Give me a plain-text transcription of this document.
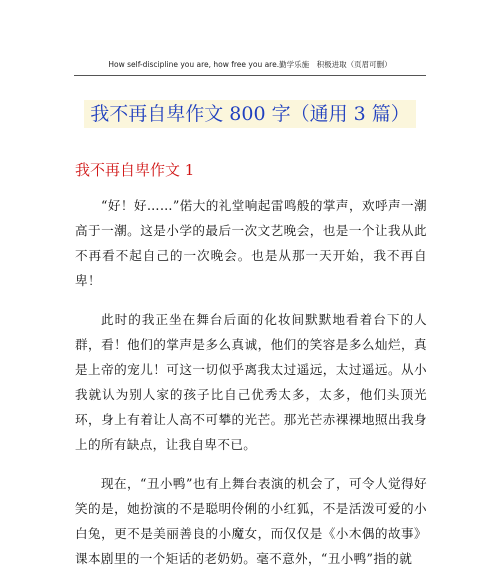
How self-discipline you are, how free you are.勤学乐施　积极进取（页眉可删）
我不再自卑作文 800 字（通用 3 篇）
我不再自卑作文 1

“好！好……”偌大的礼堂响起雷鸣般的掌声，欢呼声一潮高于一潮。这是小学的最后一次文艺晚会，也是一个让我从此不再看不起自己的一次晚会。也是从那一天开始，我不再自卑！

此时的我正坐在舞台后面的化妆间默默地看着台下的人群，看！他们的掌声是多么真诚，他们的笑容是多么灿烂，真是上帝的宠儿！可这一切似乎离我太过遥远，太过遥远。从小我就认为别人家的孩子比自己优秀太多，太多，他们头顶光环，身上有着让人高不可攀的光芒。那光芒赤裸裸地照出我身上的所有缺点，让我自卑不已。

现在，“丑小鸭”也有上舞台表演的机会了，可令人觉得好笑的是，她扮演的不是聪明伶俐的小红狐，不是活泼可爱的小白兔，更不是美丽善良的小魔女，而仅仅是《小木偶的故事》课本剧里的一个矩话的老奶奶。毫不意外，“丑小鸭”指的就
